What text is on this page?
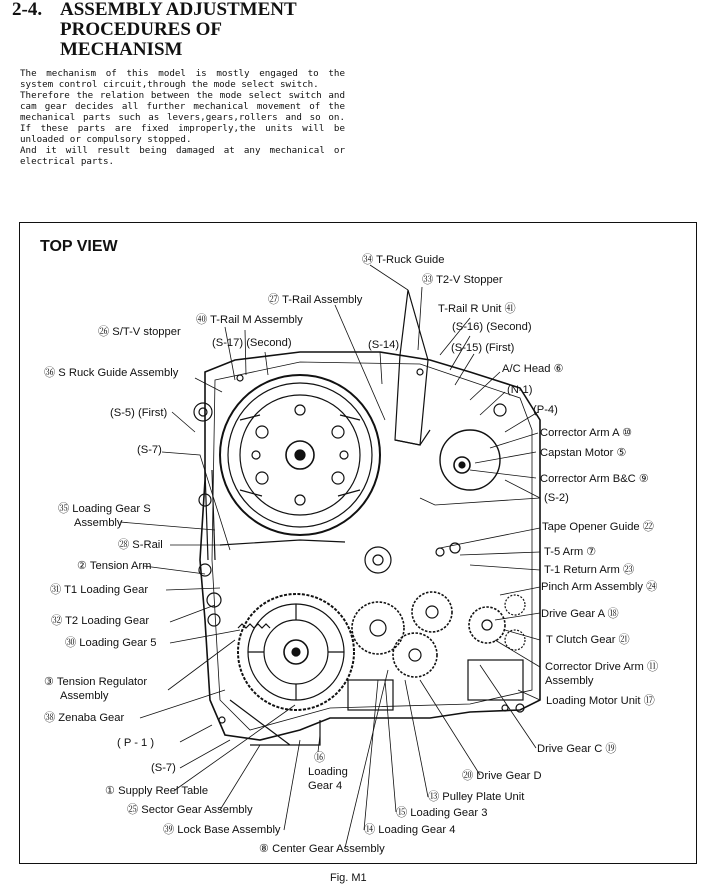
2-4. ASSEMBLY ADJUSTMENT
PROCEDURES OF
MECHANISM

The mechanism of this model is mostly engaged to the system control circuit,through the mode select switch.

Therefore the relation between the mode select switch and cam gear decides all further mechanical movement of the mechanical parts such as levers,gears,rollers and so on. If these parts are fixed improperly,the units will be unloaded or compulsory stopped.

And it will result being damaged at any mechanical or electrical parts.

TOP VIEW
㉞ T-Ruck Guide
㉝ T2-V Stopper
㉗ T-Rail Assembly
T-Rail R Unit ㊶
㊵ T-Rail M Assembly
㉖ S/T-V stopper	(S-16) (Second)
(S-17) (Second)	(S-14)	(S-15) (First)
㊱ S Ruck Guide Assembly	A/C Head ⑥
(N-1)
(S-5) (First)	(P-4)
Corrector Arm A ⑩
(S-7)	Capstan Motor ⑤
Corrector Arm B&C ⑨
(S-2)
㉟ Loading Gear S
Assembly	Tape Opener Guide ㉒
㉘ S-Rail
T-5 Arm ⑦
② Tension Arm	T-1 Return Arm ㉓
㉛ T1 Loading Gear	Pinch Arm Assembly ㉔
㉜ T2 Loading Gear
Drive Gear A ⑱
㉚ Loading Gear 5	T Clutch Gear ㉑
③ Tension Regulator
Assembly
Corrector Drive Arm ⑪
Assembly
㊳ Zenaba Gear
Loading Motor Unit ⑰
( P - 1 )
⑯
Loading
Gear 4
Drive Gear C ⑲
(S-7)
⑳ Drive Gear D
① Supply Reel Table	⑬ Pulley Plate Unit
㉕ Sector Gear Assembly	⑮ Loading Gear 3
㊴ Lock Base Assembly	⑭ Loading Gear 4
⑧ Center Gear Assembly
Fig. M1
